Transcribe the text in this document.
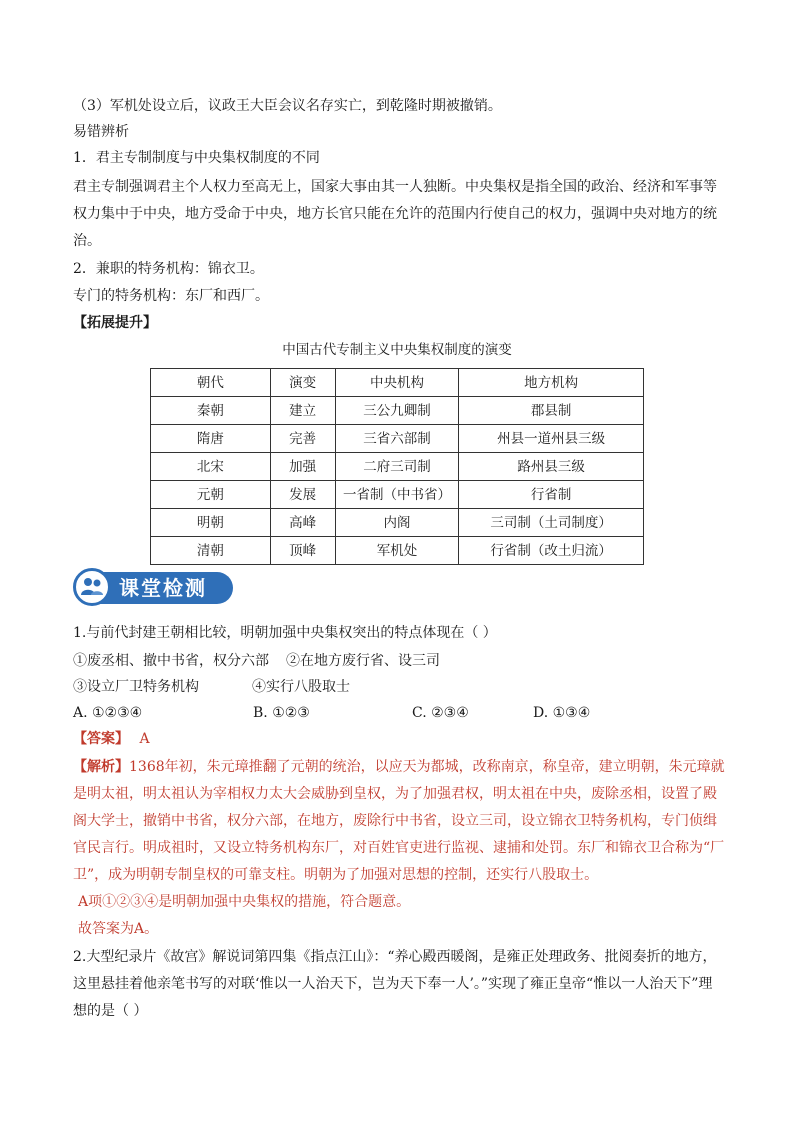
（3）军机处设立后，议政王大臣会议名存实亡，到乾隆时期被撤销。
易错辨析
1．君主专制制度与中央集权制度的不同
君主专制强调君主个人权力至高无上，国家大事由其一人独断。中央集权是指全国的政治、经济和军事等
权力集中于中央，地方受命于中央，地方长官只能在允许的范围内行使自己的权力，强调中央对地方的统
治。
2．兼职的特务机构：锦衣卫。
专门的特务机构：东厂和西厂。
【拓展提升】
中国古代专制主义中央集权制度的演变
朝代	演变	中央机构	地方机构
秦朝	建立	三公九卿制	郡县制
隋唐	完善	三省六部制	州县一道州县三级
北宋	加强	二府三司制	路州县三级
元朝	发展	一省制（中书省）	行省制
明朝	高峰	内阁	三司制（土司制度）
清朝	顶峰	军机处	行省制（改土归流）
课堂检测
1.与前代封建王朝相比较，明朝加强中央集权突出的特点体现在（ ）
①废丞相、撤中书省，权分六部 ②在地方废行省、设三司
③设立厂卫特务机构	④实行八股取士
A. ①②③④	B. ①②③	C. ②③④	D. ①③④
【答案】 A
【解析】1368年初，朱元璋推翻了元朝的统治，以应天为都城，改称南京，称皇帝，建立明朝，朱元璋就
是明太祖，明太祖认为宰相权力太大会威胁到皇权，为了加强君权，明太祖在中央，废除丞相，设置了殿
阁大学士，撤销中书省，权分六部，在地方，废除行中书省，设立三司，设立锦衣卫特务机构，专门侦缉
官民言行。明成祖时，又设立特务机构东厂，对百姓官吏进行监视、逮捕和处罚。东厂和锦衣卫合称为“厂
卫”，成为明朝专制皇权的可靠支柱。明朝为了加强对思想的控制，还实行八股取士。
A项①②③④是明朝加强中央集权的措施，符合题意。
故答案为A。
2.大型纪录片《故宫》解说词第四集《指点江山》：“养心殿西暖阁，是雍正处理政务、批阅奏折的地方，
这里悬挂着他亲笔书写的对联‘惟以一人治天下，岂为天下奉一人’。”实现了雍正皇帝“惟以一人治天下”理
想的是（ ）
